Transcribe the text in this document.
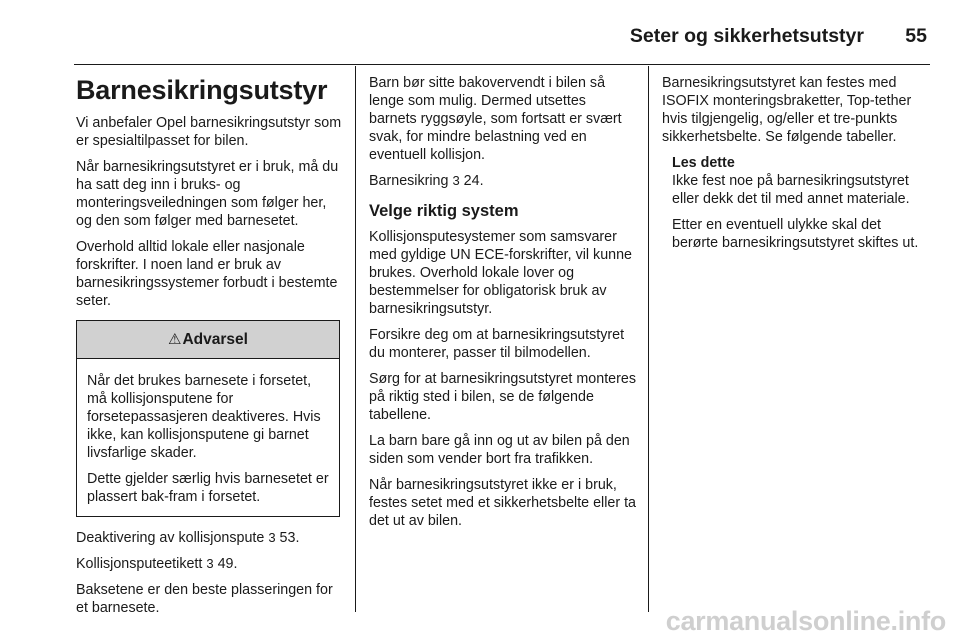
Seter og sikkerhetsutstyr 55
Barnesikringsutstyr

Vi anbefaler Opel barnesikringsutstyr som er spesialtilpasset for bilen.

Når barnesikringsutstyret er i bruk, må du ha satt deg inn i bruks- og monteringsveiledningen som følger her, og den som følger med barnesetet.

Overhold alltid lokale eller nasjonale forskrifter. I noen land er bruk av barnesikringssystemer forbudt i bestemte seter.

⚠Advarsel

Når det brukes barnesete i forsetet, må kollisjonsputene for forsetepassasjeren deaktiveres. Hvis ikke, kan kollisjonsputene gi barnet livsfarlige skader.

Dette gjelder særlig hvis barnesetet er plassert bak-fram i forsetet.

Deaktivering av kollisjonspute 3 53.

Kollisjonsputeetikett 3 49.

Baksetene er den beste plasseringen for et barnesete.

Barn bør sitte bakovervendt i bilen så lenge som mulig. Dermed utsettes barnets ryggsøyle, som fortsatt er svært svak, for mindre belastning ved en eventuell kollisjon.

Barnesikring 3 24.

Velge riktig system

Kollisjonsputesystemer som samsvarer med gyldige UN ECE-forskrifter, vil kunne brukes. Overhold lokale lover og bestemmelser for obligatorisk bruk av barnesikringsutstyr.

Forsikre deg om at barnesikringsutstyret du monterer, passer til bilmodellen.

Sørg for at barnesikringsutstyret monteres på riktig sted i bilen, se de følgende tabellene.

La barn bare gå inn og ut av bilen på den siden som vender bort fra trafikken.

Når barnesikringsutstyret ikke er i bruk, festes setet med et sikkerhetsbelte eller ta det ut av bilen.

Barnesikringsutstyret kan festes med ISOFIX monteringsbraketter, Top-tether hvis tilgjengelig, og/eller et tre-punkts sikkerhetsbelte. Se følgende tabeller.

Les dette

Ikke fest noe på barnesikringsutstyret eller dekk det til med annet materiale.

Etter en eventuell ulykke skal det berørte barnesikringsutstyret skiftes ut.

carmanualsonline.info
